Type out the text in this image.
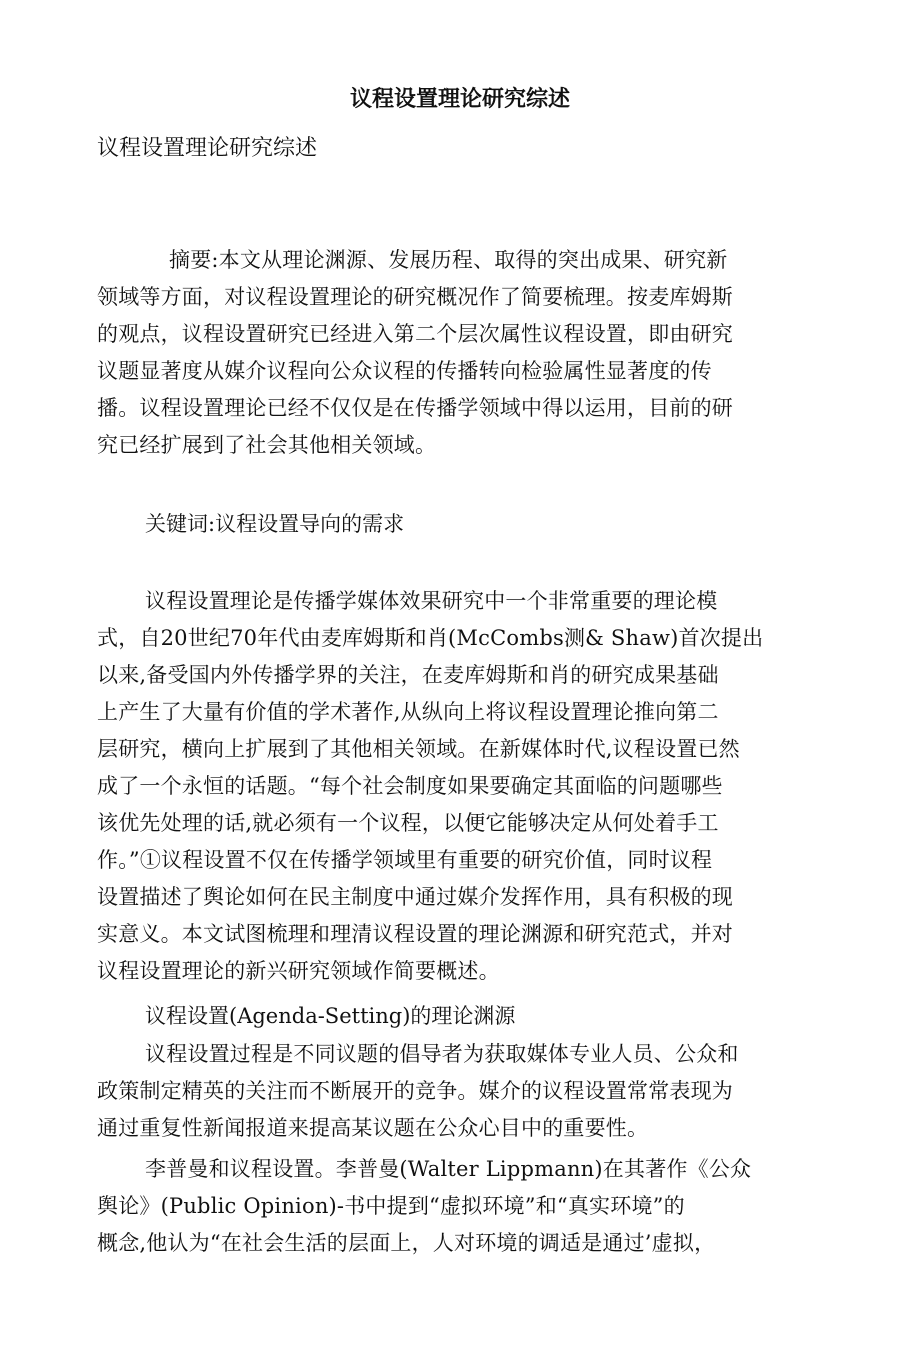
议程设置理论研究综述
议程设置理论研究综述
摘要:本文从理论渊源、发展历程、取得的突出成果、研究新
领域等方面，对议程设置理论的研究概况作了简要梳理。按麦库姆斯
的观点，议程设置研究已经进入第二个层次属性议程设置，即由研究
议题显著度从媒介议程向公众议程的传播转向检验属性显著度的传
播。议程设置理论已经不仅仅是在传播学领域中得以运用，目前的研
究已经扩展到了社会其他相关领域。
关键词:议程设置导向的需求
议程设置理论是传播学媒体效果研究中一个非常重要的理论模
式，自20世纪70年代由麦库姆斯和肖(McCombs测& Shaw)首次提出
以来,备受国内外传播学界的关注，在麦库姆斯和肖的研究成果基础
上产生了大量有价值的学术著作,从纵向上将议程设置理论推向第二
层研究，横向上扩展到了其他相关领域。在新媒体时代,议程设置已然
成了一个永恒的话题。“每个社会制度如果要确定其面临的问题哪些
该优先处理的话,就必须有一个议程，以便它能够决定从何处着手工
作。”①议程设置不仅在传播学领域里有重要的研究价值，同时议程
设置描述了舆论如何在民主制度中通过媒介发挥作用，具有积极的现
实意义。本文试图梳理和理清议程设置的理论渊源和研究范式，并对
议程设置理论的新兴研究领域作简要概述。
议程设置(Agenda-Setting)的理论渊源
议程设置过程是不同议题的倡导者为获取媒体专业人员、公众和
政策制定精英的关注而不断展开的竞争。媒介的议程设置常常表现为
通过重复性新闻报道来提高某议题在公众心目中的重要性。
李普曼和议程设置。李普曼(Walter Lippmann)在其著作《公众
舆论》(Public Opinion)-书中提到“虚拟环境”和“真实环境”的
概念,他认为“在社会生活的层面上，人对环境的调适是通过’虚拟，
